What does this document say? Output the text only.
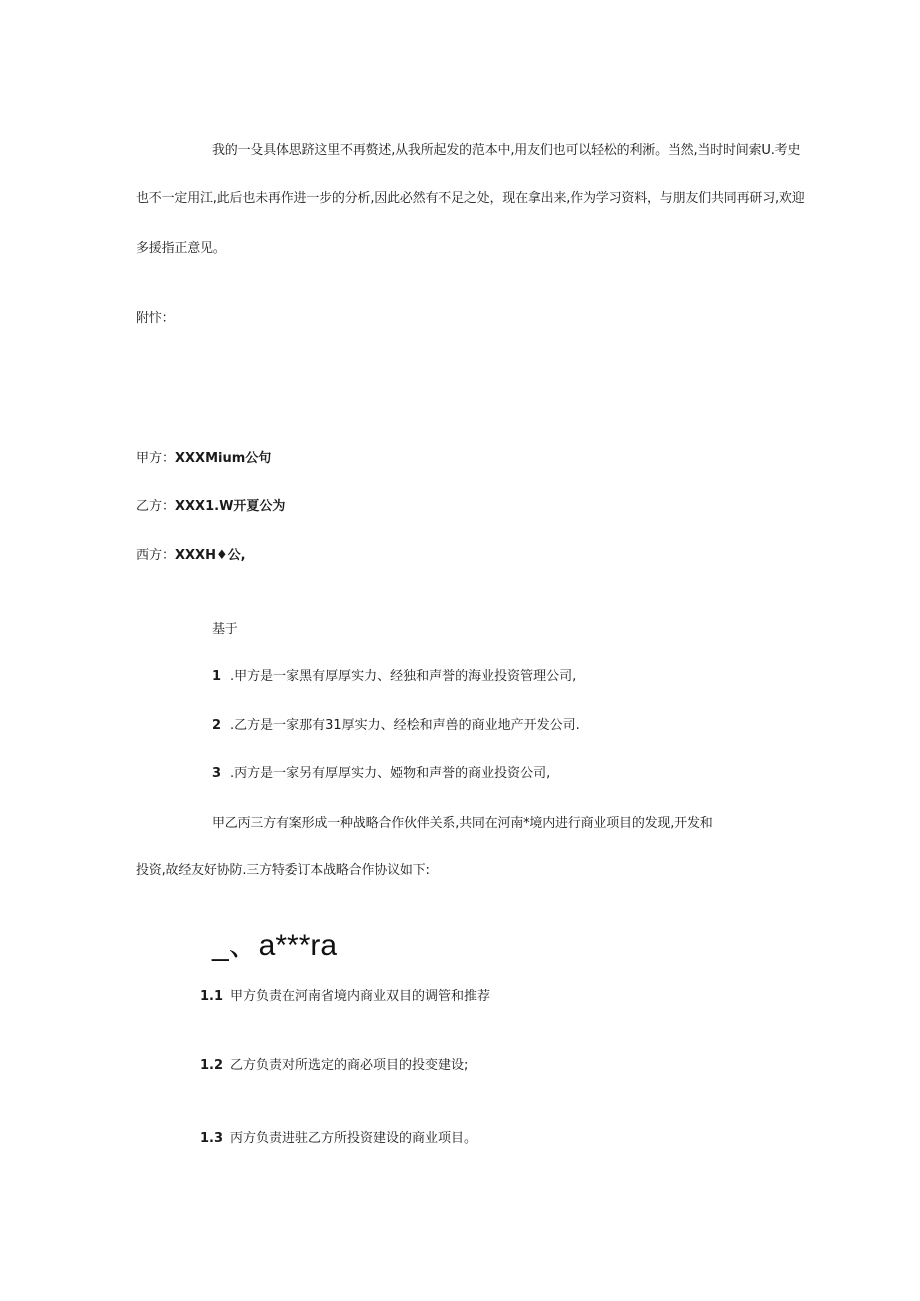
我的一殳具体思跻这里不再赘述,从我所起发的范本中,用友们也可以轻松的利淅。当然,当时时间索U.考史
也不一定用江,此后也未再作进一步的分析,因此必然有不足之处，现在拿出来,作为学习资料，与朋友们共同再研习,欢迎
多援指正意见。
附忭：
甲方：XXXMium公句
乙方：XXX1.W开夏公为
西方：XXXH♦公,
基于
1 .甲方是一家黑有厚厚实力、经独和声誉的海业投资管理公司,
2 .乙方是一家那有31厚实力、经桧和声兽的商业地产开发公司.
3 .丙方是一家另有厚厚实力、婭物和声誉的商业投资公司,
甲乙丙三方有案形成一种战略合作伙伴关系,共同在河南*境内进行商业项目的发现,开发和
投资,故经友好协防.三方特委订本战略合作协议如下:
_、a***ra
1.1 甲方负责在河南省境内商业双目的调管和推荐
1.2 乙方负责对所选定的商必项目的投变建设;
1.3 丙方负责进驻乙方所投资建设的商业项目。
